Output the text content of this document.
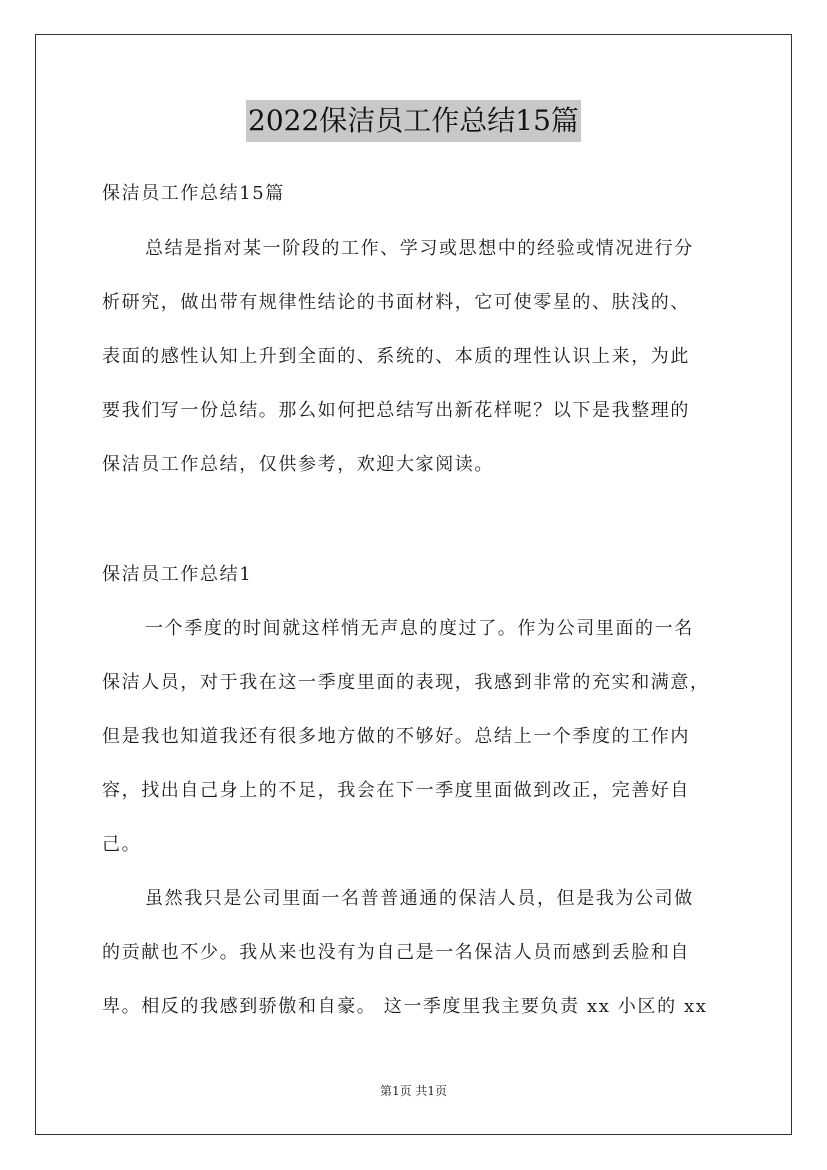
2022保洁员工作总结15篇
保洁员工作总结15篇
总结是指对某一阶段的工作、学习或思想中的经验或情况进行分
析研究，做出带有规律性结论的书面材料，它可使零星的、肤浅的、
表面的感性认知上升到全面的、系统的、本质的理性认识上来，为此
要我们写一份总结。那么如何把总结写出新花样呢？以下是我整理的
保洁员工作总结，仅供参考，欢迎大家阅读。
保洁员工作总结1
一个季度的时间就这样悄无声息的度过了。作为公司里面的一名
保洁人员，对于我在这一季度里面的表现，我感到非常的充实和满意，
但是我也知道我还有很多地方做的不够好。总结上一个季度的工作内
容，找出自己身上的不足，我会在下一季度里面做到改正，完善好自
己。
虽然我只是公司里面一名普普通通的保洁人员，但是我为公司做
的贡献也不少。我从来也没有为自己是一名保洁人员而感到丢脸和自
卑。相反的我感到骄傲和自豪。 这一季度里我主要负责 xx 小区的 xx
第1页 共1页
